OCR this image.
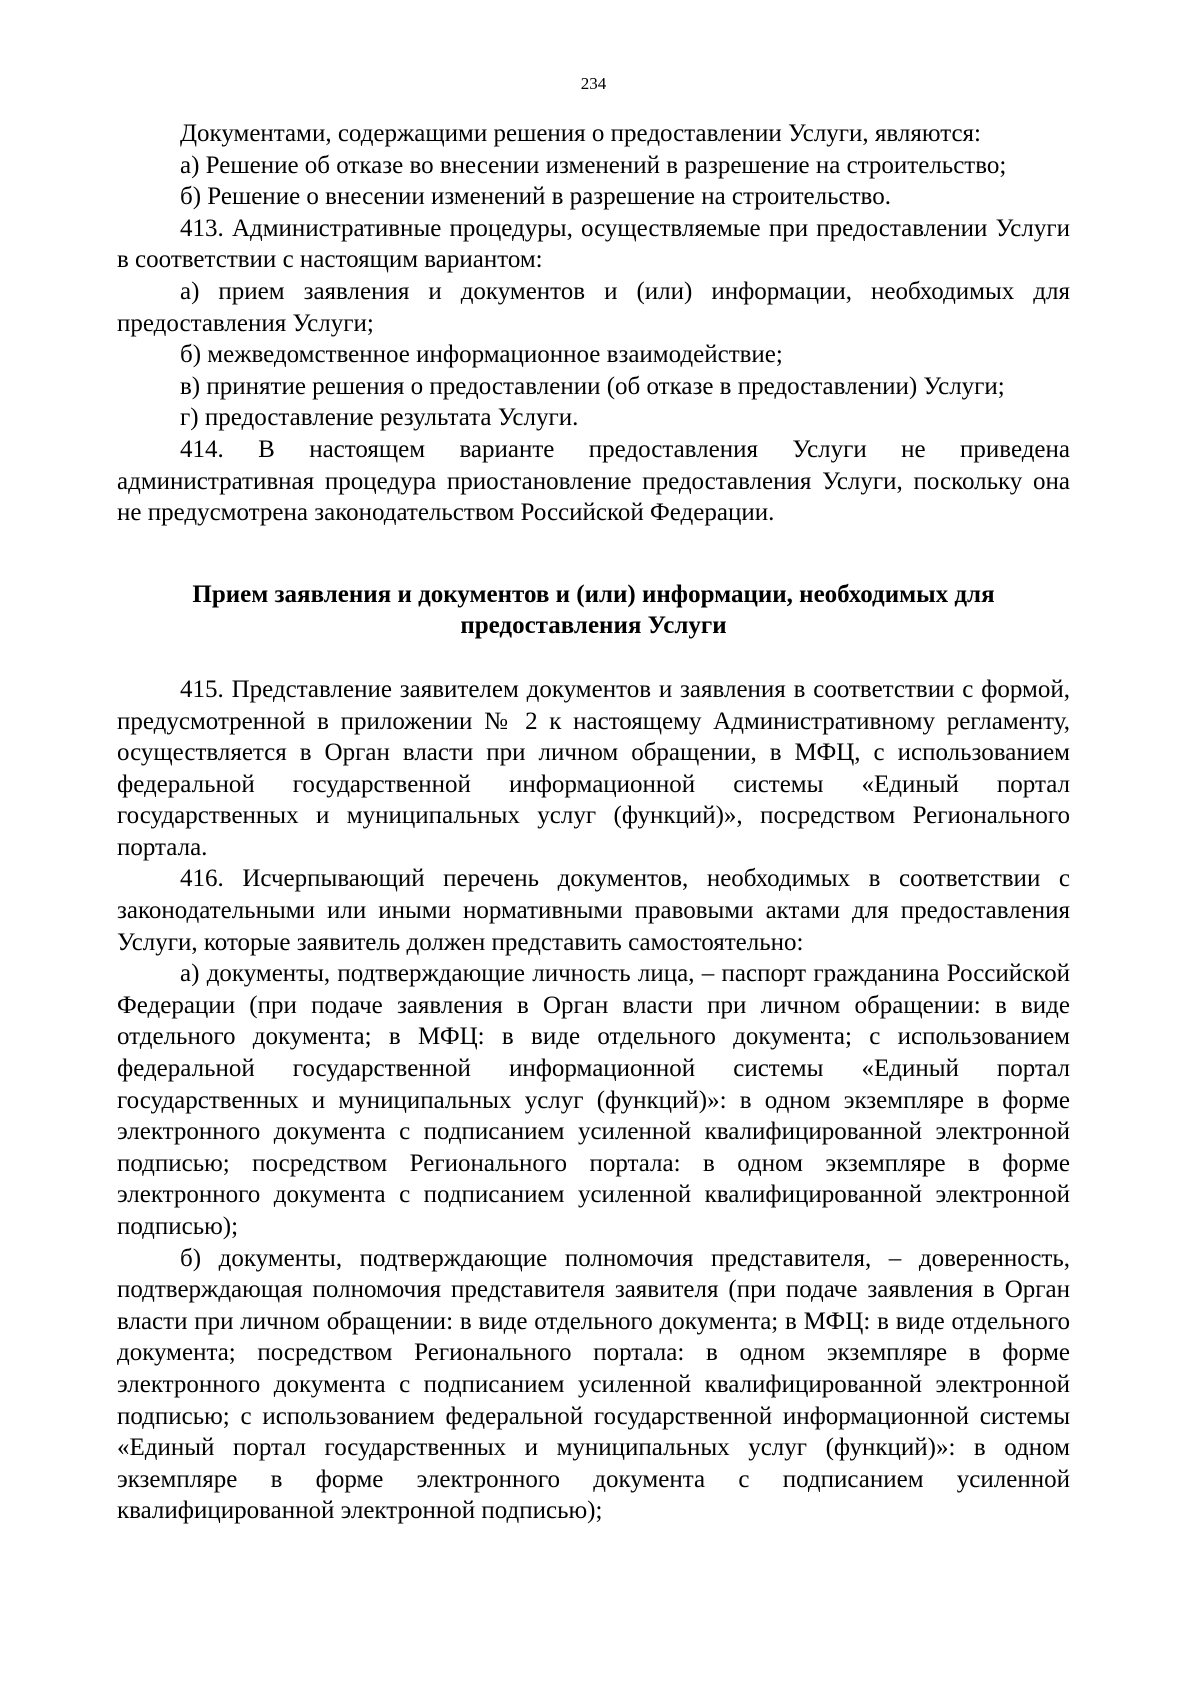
234

Документами, содержащими решения о предоставлении Услуги, являются:

а) Решение об отказе во внесении изменений в разрешение на строительство;

б) Решение о внесении изменений в разрешение на строительство.

413. Административные процедуры, осуществляемые при предоставлении Услуги в соответствии с настоящим вариантом:

а) прием заявления и документов и (или) информации, необходимых для предоставления Услуги;

б) межведомственное информационное взаимодействие;

в) принятие решения о предоставлении (об отказе в предоставлении) Услуги;

г) предоставление результата Услуги.

414. В настоящем варианте предоставления Услуги не приведена административная процедура приостановление предоставления Услуги, поскольку она не предусмотрена законодательством Российской Федерации.

Прием заявления и документов и (или) информации, необходимых для
предоставления Услуги

415. Представление заявителем документов и заявления в соответствии с формой, предусмотренной в приложении № 2 к настоящему Административному регламенту, осуществляется в Орган власти при личном обращении, в МФЦ, с использованием федеральной государственной информационной системы «Единый портал государственных и муниципальных услуг (функций)», посредством Регионального портала.

416. Исчерпывающий перечень документов, необходимых в соответствии с законодательными или иными нормативными правовыми актами для предоставления Услуги, которые заявитель должен представить самостоятельно:

а) документы, подтверждающие личность лица, – паспорт гражданина Российской Федерации (при подаче заявления в Орган власти при личном обращении: в виде отдельного документа; в МФЦ: в виде отдельного документа; с использованием федеральной государственной информационной системы «Единый портал государственных и муниципальных услуг (функций)»: в одном экземпляре в форме электронного документа с подписанием усиленной квалифицированной электронной подписью; посредством Регионального портала: в одном экземпляре в форме электронного документа с подписанием усиленной квалифицированной электронной подписью);

б) документы, подтверждающие полномочия представителя, – доверенность, подтверждающая полномочия представителя заявителя (при подаче заявления в Орган власти при личном обращении: в виде отдельного документа; в МФЦ: в виде отдельного документа; посредством Регионального портала: в одном экземпляре в форме электронного документа с подписанием усиленной квалифицированной электронной подписью; с использованием федеральной государственной информационной системы «Единый портал государственных и муниципальных услуг (функций)»: в одном экземпляре в форме электронного документа с подписанием усиленной квалифицированной электронной подписью);
